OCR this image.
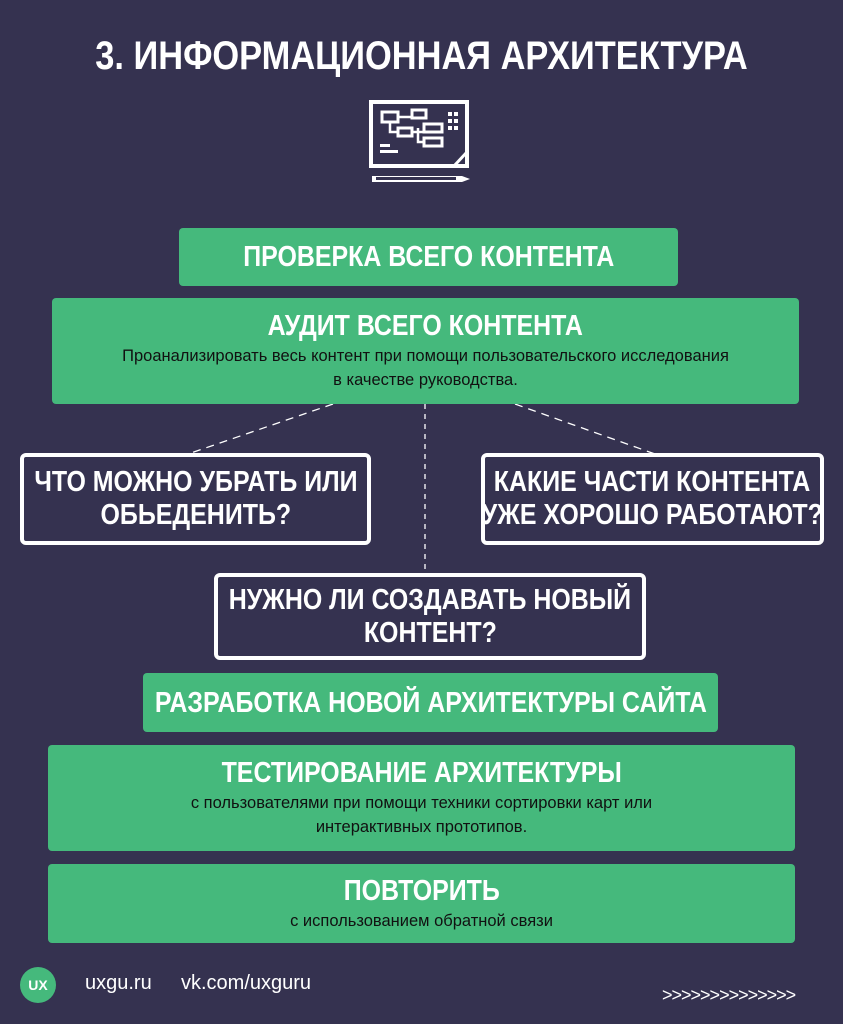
3. ИНФОРМАЦИОННАЯ АРХИТЕКТУРА
ПРОВЕРКА ВСЕГО КОНТЕНТА
АУДИТ ВСЕГО КОНТЕНТА
Проанализировать весь контент при помощи пользовательского исследования
в качестве руководства.
ЧТО МОЖНО УБРАТЬ ИЛИ
ОБЬЕДЕНИТЬ?
КАКИЕ ЧАСТИ КОНТЕНТА
УЖЕ ХОРОШО РАБОТАЮТ?
НУЖНО ЛИ СОЗДАВАТЬ НОВЫЙ
КОНТЕНТ?
РАЗРАБОТКА НОВОЙ АРХИТЕКТУРЫ САЙТА
ТЕСТИРОВАНИЕ АРХИТЕКТУРЫ
с пользователями при помощи техники сортировки карт или
интерактивных прототипов.
ПОВТОРИТЬ
с использованием обратной связи
UX	uxgu.ru vk.com/uxguru
>>>>>>>>>>>>>>
